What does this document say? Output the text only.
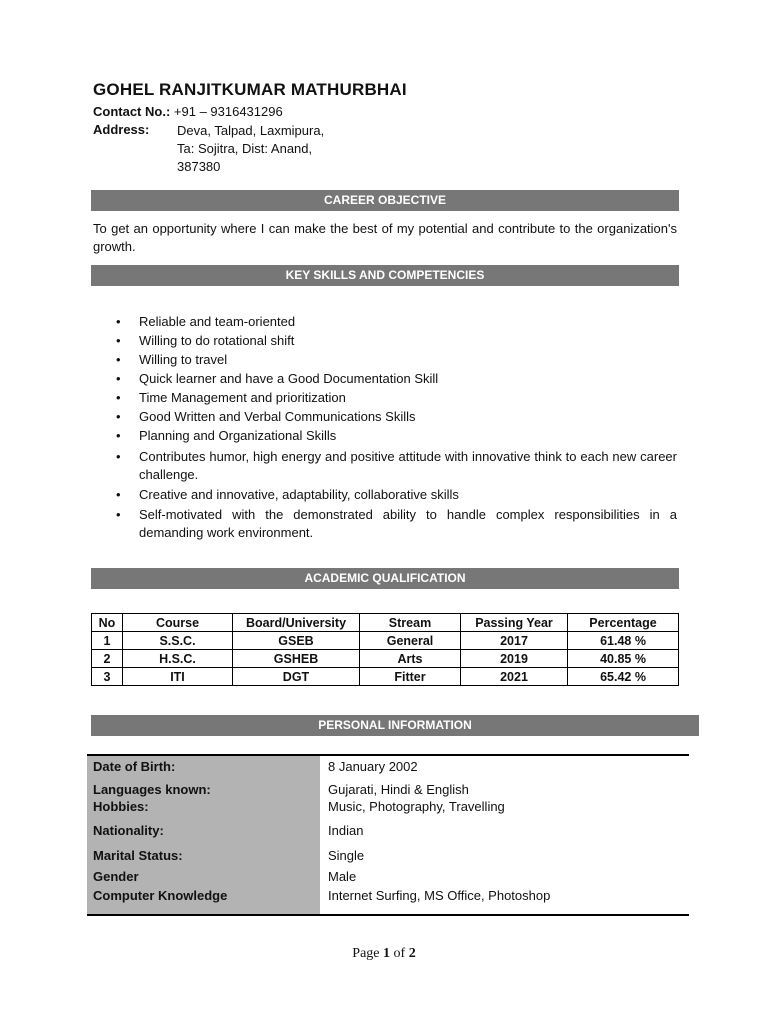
GOHEL RANJITKUMAR MATHURBHAI
Contact No.: +91 – 9316431296
Address: Deva, Talpad, Laxmipura,
Ta: Sojitra, Dist: Anand,
387380
CAREER OBJECTIVE
To get an opportunity where I can make the best of my potential and contribute to the organization's growth.
KEY SKILLS AND COMPETENCIES
• Reliable and team-oriented
• Willing to do rotational shift
• Willing to travel
• Quick learner and have a Good Documentation Skill
• Time Management and prioritization
• Good Written and Verbal Communications Skills
• Planning and Organizational Skills
• Contributes humor, high energy and positive attitude with innovative think to each new career challenge.
• Creative and innovative, adaptability, collaborative skills
• Self-motivated with the demonstrated ability to handle complex responsibilities in a demanding work environment.
ACADEMIC QUALIFICATION
No	Course	Board/University	Stream	Passing Year	Percentage
1	S.S.C.	GSEB	General	2017	61.48 %
2	H.S.C.	GSHEB	Arts	2019	40.85 %
3	ITI	DGT	Fitter	2021	65.42 %
PERSONAL INFORMATION
Date of Birth:	8 January 2002
Languages known:	Gujarati, Hindi & English
Hobbies:	Music, Photography, Travelling
Nationality:	Indian
Marital Status:	Single
Gender	Male
Computer Knowledge	Internet Surfing, MS Office, Photoshop
Page 1 of 2
